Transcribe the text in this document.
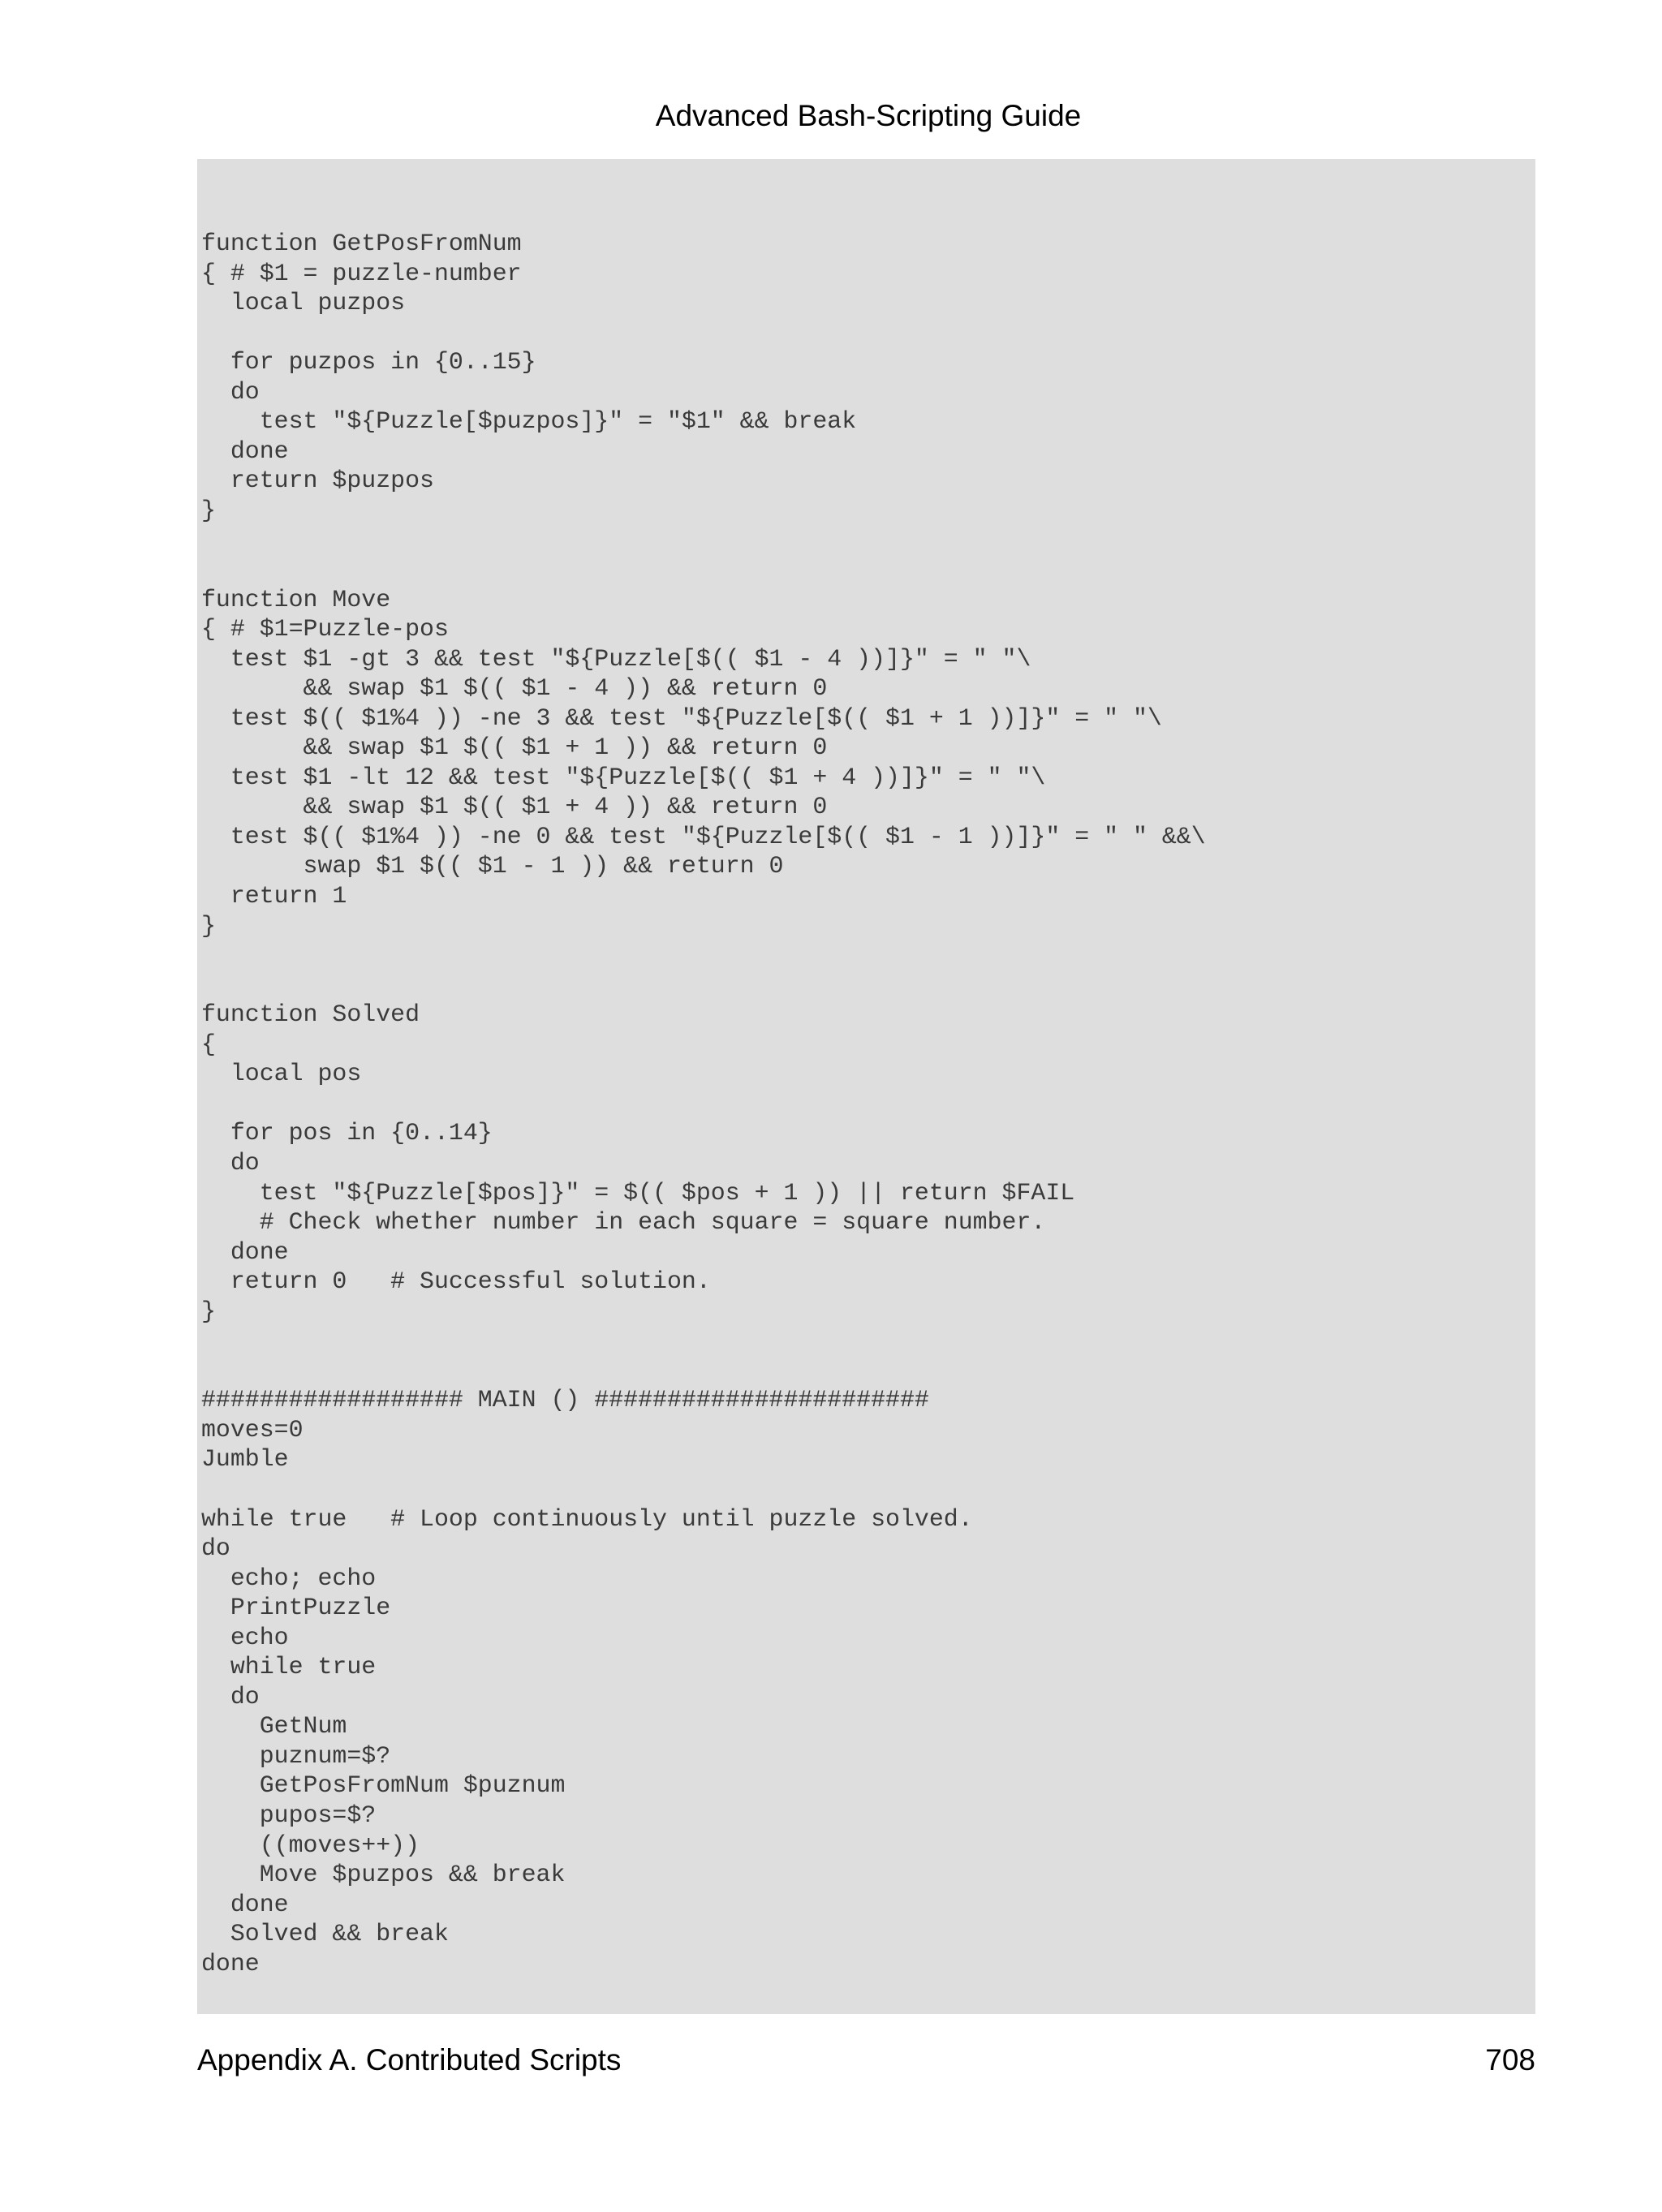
Advanced Bash-Scripting Guide
function GetPosFromNum
{ # $1 = puzzle-number
local puzpos

for puzpos in {0..15}
do
test "${Puzzle[$puzpos]}" = "$1" && break
done
return $puzpos
}

function Move
{ # $1=Puzzle-pos
test $1 -gt 3 && test "${Puzzle[$(( $1 - 4 ))]}" = " "\
&& swap $1 $(( $1 - 4 )) && return 0
test $(( $1%4 )) -ne 3 && test "${Puzzle[$(( $1 + 1 ))]}" = " "\
&& swap $1 $(( $1 + 1 )) && return 0
test $1 -lt 12 && test "${Puzzle[$(( $1 + 4 ))]}" = " "\
&& swap $1 $(( $1 + 4 )) && return 0
test $(( $1%4 )) -ne 0 && test "${Puzzle[$(( $1 - 1 ))]}" = " " &&\
swap $1 $(( $1 - 1 )) && return 0
return 1
}

function Solved
{
local pos

for pos in {0..14}
do
test "${Puzzle[$pos]}" = $(( $pos + 1 )) || return $FAIL
# Check whether number in each square = square number.
done
return 0   # Successful solution.
}

################## MAIN () #######################
moves=0
Jumble

while true   # Loop continuously until puzzle solved.
do
echo; echo
PrintPuzzle
echo
while true
do
GetNum
puznum=$?
GetPosFromNum $puznum
pupos=$?
((moves++))
Move $puzpos && break
done
Solved && break
done
Appendix A. Contributed Scripts	708
